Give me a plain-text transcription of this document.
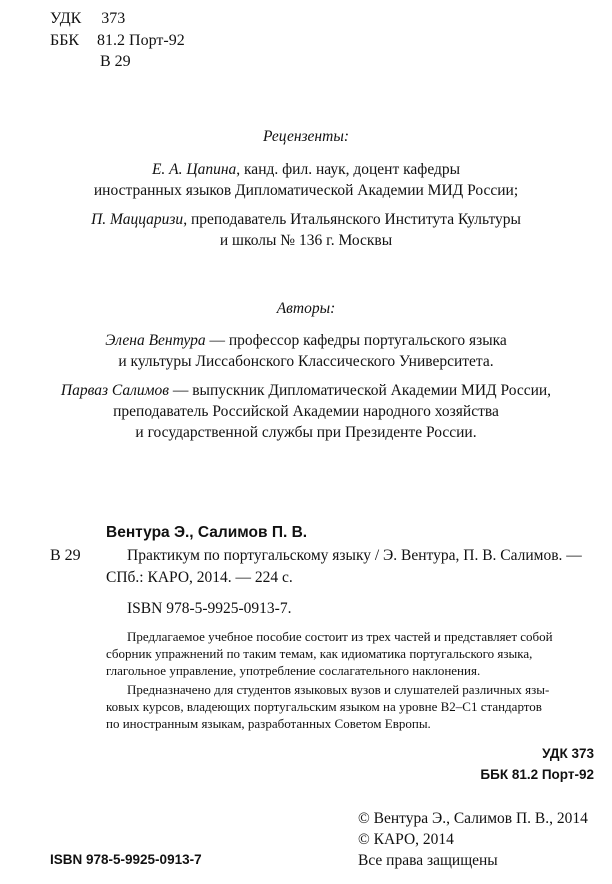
УДК 373
ББК 81.2 Порт-92
В 29
Рецензенты:
Е. А. Цапина, канд. фил. наук, доцент кафедры
иностранных языков Дипломатической Академии МИД России;
П. Маццаризи, преподаватель Итальянского Института Культуры
и школы № 136 г. Москвы
Авторы:
Элена Вентура — профессор кафедры португальского языка
и культуры Лиссабонского Классического Университета.
Парваз Салимов — выпускник Дипломатической Академии МИД России,
преподаватель Российской Академии народного хозяйства
и государственной службы при Президенте России.
Вентура Э., Салимов П. В.
В 29	Практикум по португальскому языку / Э. Вентура, П. В. Салимов. —
СПб.: КАРО, 2014. — 224 с.
ISBN 978-5-9925-0913-7.
Предлагаемое учебное пособие состоит из трех частей и представляет собой
сборник упражнений по таким темам, как идиоматика португальского языка,
глагольное управление, употребление сослагательного наклонения.
Предназначено для студентов языковых вузов и слушателей различных язы-
ковых курсов, владеющих португальским языком на уровне B2–C1 стандартов
по иностранным языкам, разработанных Советом Европы.
УДК 373
ББК 81.2 Порт-92
© Вентура Э., Салимов П. В., 2014
© КАРО, 2014
ISBN 978-5-9925-0913-7	Все права защищены
